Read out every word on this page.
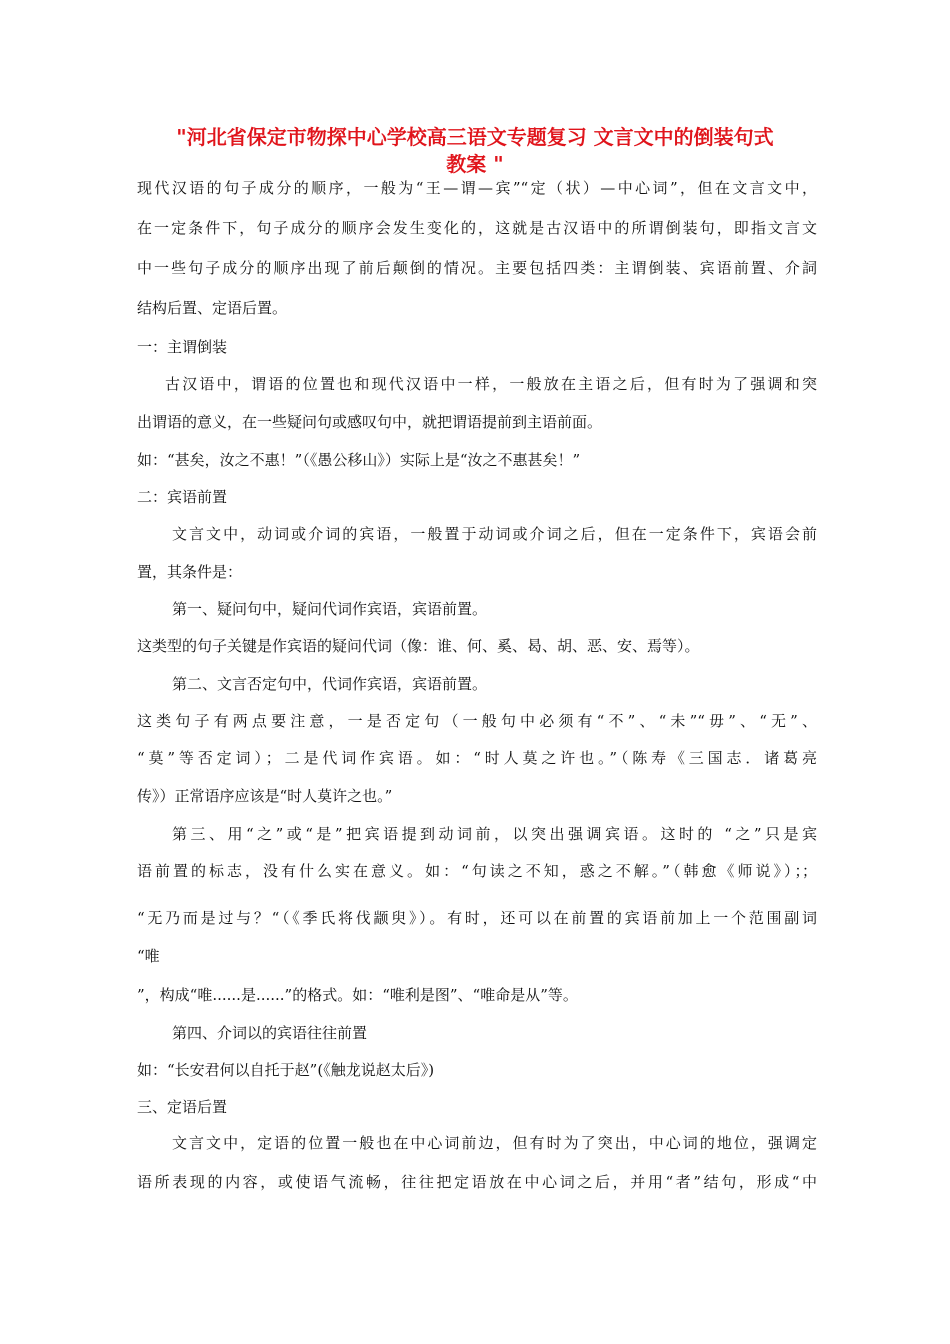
"河北省保定市物探中心学校高三语文专题复习 文言文中的倒装句式
教案 "
现代汉语的句子成分的顺序，一般为“王—谓—宾”“定（状）—中心词”，但在文言文中，
在一定条件下，句子成分的顺序会发生变化的，这就是古汉语中的所谓倒装句，即指文言文
中一些句子成分的顺序出现了前后颠倒的情况。主要包括四类：主谓倒装、宾语前置、介詞
结构后置、定语后置。
一：主谓倒装
古汉语中，谓语的位置也和现代汉语中一样，一般放在主语之后，但有时为了强调和突
出谓语的意义，在一些疑问句或感叹句中，就把谓语提前到主语前面。
如：“甚矣，汝之不惠！”（《愚公移山》）实际上是“汝之不惠甚矣！”
二：宾语前置
文言文中，动词或介词的宾语，一般置于动词或介词之后，但在一定条件下，宾语会前
置，其条件是：
第一、疑问句中，疑问代词作宾语，宾语前置。
这类型的句子关键是作宾语的疑问代词（像：谁、何、奚、曷、胡、恶、安、焉等）。
第二、文言否定句中，代词作宾语，宾语前置。
这类句子有两点要注意，一是否定句（一般句中必须有“不”、“未”“毋”、“无”、
“莫”等否定词）；二是代词作宾语。如：“时人莫之许也。”（陈寿《三国志．诸葛亮
传》）正常语序应该是“时人莫许之也。”
第三、用“之”或“是”把宾语提到动词前，以突出强调宾语。这时的 “之”只是宾
语前置的标志，没有什么实在意义。如：“句读之不知，惑之不解。”（韩愈《师说》）；；
“无乃而是过与？“（《季氏将伐颛臾》）。有时，还可以在前置的宾语前加上一个范围副词
“唯
”，构成“唯......是......”的格式。如：“唯利是图”、“唯命是从”等。
第四、介词以的宾语往往前置
如：“长安君何以自托于赵”(《触龙说赵太后》)
三、定语后置
文言文中，定语的位置一般也在中心词前边，但有时为了突出，中心词的地位，强调定
语所表现的内容，或使语气流畅，往往把定语放在中心词之后，并用“者”结句，形成“中
